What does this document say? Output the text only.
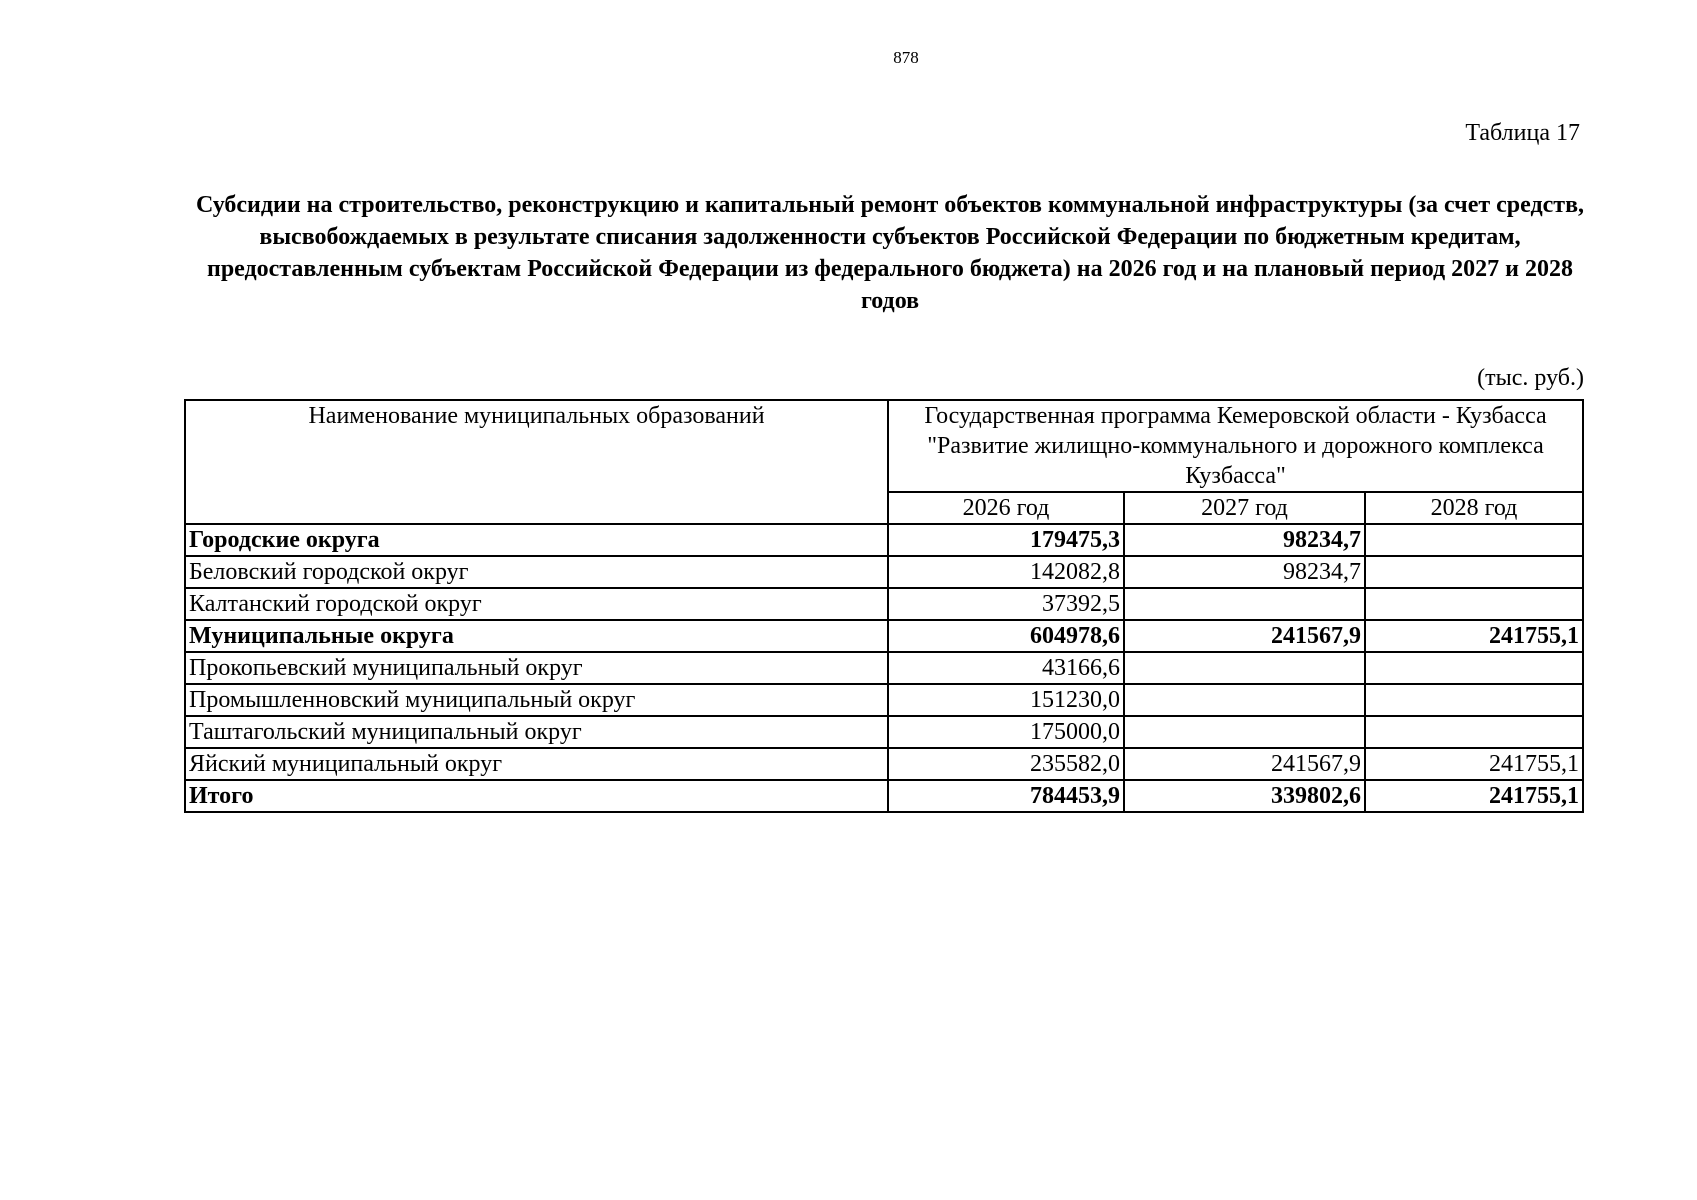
878
Таблица 17
Субсидии на строительство, реконструкцию и капитальный ремонт объектов коммунальной инфраструктуры (за счет средств, высвобождаемых в результате списания задолженности субъектов Российской Федерации по бюджетным кредитам, предоставленным субъектам Российской Федерации из федерального бюджета) на 2026 год и на плановый период 2027 и 2028 годов
(тыс. руб.)
Наименование муниципальных образований	Государственная программа Кемеровской области - Кузбасса "Развитие жилищно-коммунального и дорожного комплекса Кузбасса"		
	2026 год	2027 год	2028 год
Городские округа	179475,3	98234,7	
Беловский городской округ	142082,8	98234,7	
Калтанский городской округ	37392,5		
Муниципальные округа	604978,6	241567,9	241755,1
Прокопьевский муниципальный округ	43166,6		
Промышленновский муниципальный округ	151230,0		
Таштагольский муниципальный округ	175000,0		
Яйский муниципальный округ	235582,0	241567,9	241755,1
Итого	784453,9	339802,6	241755,1
